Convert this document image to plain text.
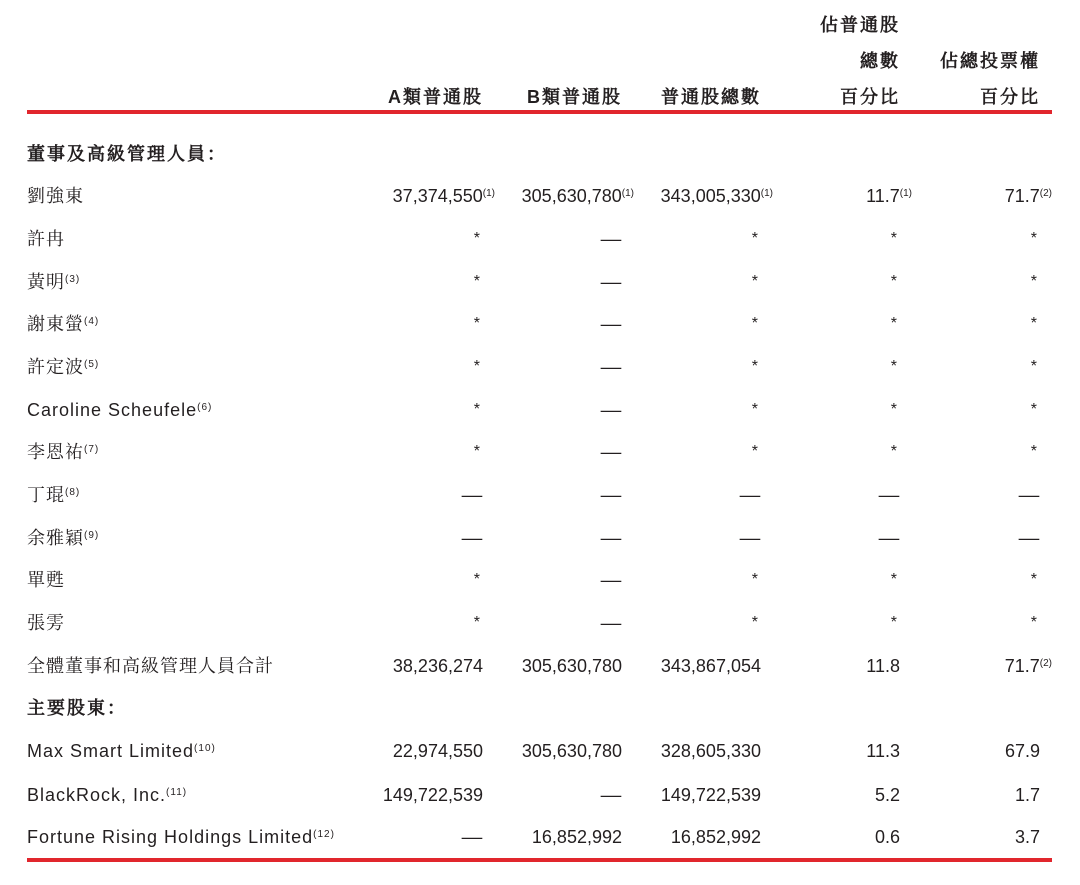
佔普通股
總數 佔總投票權
A類普通股 B類普通股 普通股總數	百分比	百分比
董事及高級管理人員：
劉強東	37,374,550$^{(1)}$ 305,630,780$^{(1)}$ 343,005,330$^{(1)}$	11.7$^{(1)}$	71.7$^{(2)}$
許冉	*	—	*	*	*
黃明$^{(3)}$	*	—	*	*	*
謝東螢$^{(4)}$	*	—	*	*	*
許定波$^{(5)}$	*	—	*	*	*
Caroline Scheufele$^{(6)}$	*	—	*	*	*
李恩祐$^{(7)}$	*	—	*	*	*
丁琨$^{(8)}$	—	—	—	—	—
余雅穎$^{(9)}$	—	—	—	—	—
單甦	*	—	*	*	*
張雱	*	—	*	*	*
全體董事和高級管理人員合計	38,236,274 305,630,780 343,867,054	11.8	71.7$^{(2)}$
主要股東：
Max Smart Limited$^{(10)}$	22,974,550 305,630,780 328,605,330	11.3	67.9
BlackRock, Inc.$^{(11)}$	149,722,539	— 149,722,539	5.2	1.7
Fortune Rising Holdings Limited$^{(12)}$	—	16,852,992	16,852,992	0.6	3.7
